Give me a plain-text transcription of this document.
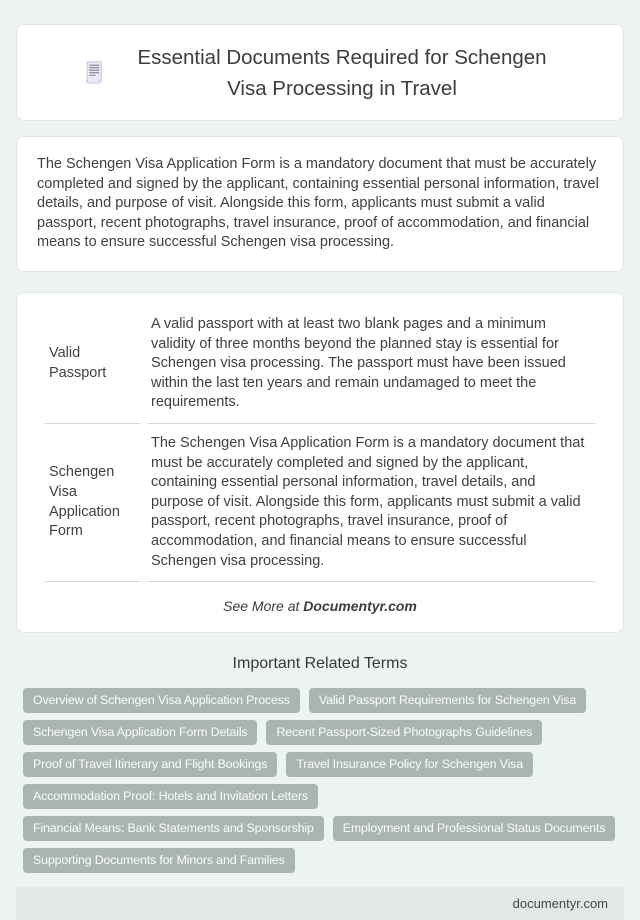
Essential Documents Required for Schengen Visa Processing in Travel

The Schengen Visa Application Form is a mandatory document that must be accurately completed and signed by the applicant, containing essential personal information, travel details, and purpose of visit. Alongside this form, applicants must submit a valid passport, recent photographs, travel insurance, proof of accommodation, and financial means to ensure successful Schengen visa processing.

Valid Passport	A valid passport with at least two blank pages and a minimum validity of three months beyond the planned stay is essential for Schengen visa processing. The passport must have been issued within the last ten years and remain undamaged to meet the requirements.
Schengen Visa Application Form	The Schengen Visa Application Form is a mandatory document that must be accurately completed and signed by the applicant, containing essential personal information, travel details, and purpose of visit. Alongside this form, applicants must submit a valid passport, recent photographs, travel insurance, proof of accommodation, and financial means to ensure successful Schengen visa processing.

See More at Documentyr.com

Important Related Terms
Overview of Schengen Visa Application Process	Valid Passport Requirements for Schengen Visa
Schengen Visa Application Form Details	Recent Passport-Sized Photographs Guidelines
Proof of Travel Itinerary and Flight Bookings	Travel Insurance Policy for Schengen Visa
Accommodation Proof: Hotels and Invitation Letters
Financial Means: Bank Statements and Sponsorship	Employment and Professional Status Documents
Supporting Documents for Minors and Families
documentyr.com
